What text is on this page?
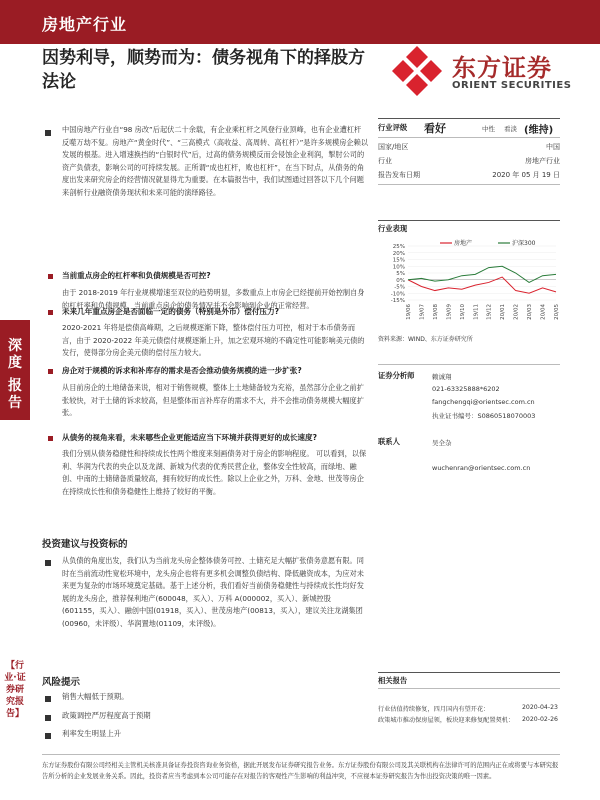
房地产行业
因势利导，顺势而为：债务视角下的择股方法论	东方证券
ORIENT SECURITIES
深
度
报
告
【行业·证券研究报告】
中国房地产行业自“98 房改”后起伏二十余载，有企业乘杠杆之风登行业顶峰，也有企业遭杠杆反噬万劫不复。房地产“黄金时代”、“三高模式（高收益、高周转、高杠杆）”是许多规模房企赖以发展的根基。进入增速换挡的“白银时代”后，过高的债务规模反而会侵蚀企业利润，掣肘公司的资产负债表，影响公司的可持续发展。正所谓“成也杠杆，败也杠杆”，在当下时点，从债务的角度出发来研究房企的经营情况就显得尤为重要。在本篇报告中，我们试图通过回答以下几个问题来剖析行业融资债务现状和未来可能的演绎路径。
当前重点房企的杠杆率和负债规模是否可控?
由于 2018-2019 年行业规模增速至双位的趋势明显，多数重点上市房企已经提前开始控制自身的杠杆率和负债规模，当前重点房企的债务情况并不会影响到企业的正常经营。
未来几年重点房企是否面临一定的债务（特别是外币）偿付压力?
2020-2021 年将是偿债高峰期，之后规模逐渐下降，整体偿付压力可控，相对于本币债务而言，由于 2020-2022 年美元债偿付规模逐渐上升，加之宏观环境的不确定性可能影响美元债的发行，使得部分房企美元债的偿付压力较大。
房企对于规模的诉求和补库存的需求是否会推动债务规模的进一步扩张?
从目前房企的土地储备来说，相对于销售规模，整体上土地储备较为充裕，虽然部分企业之前扩张较快，对于土储的诉求较高，但是整体而言补库存的需求不大，并不会推动债务规模大幅度扩张。
从债务的视角来看，未来哪些企业更能适应当下环境并获得更好的成长速度?
我们分别从债务稳健性和持续成长性两个维度来刻画债务对于房企的影响程度。 可以看到，以保利、华润为代表的央企以及龙湖、新城为代表的优秀民营企业，整体安全性较高，而绿地、融创、中南的土储储备质量较高，拥有较好的成长性。除以上企业之外，万科、金地、世茂等房企在持续成长性和债务稳健性上维持了较好的平衡。
投资建议与投资标的
从负债的角度出发，我们认为当前龙头房企整体债务可控、土储充足大幅扩张债务意愿有限。同时在当前流动性宽松环境中，龙头房企也将有更多机会调整负债结构、降低融资成本，为应对未来更为复杂的市场环境奠定基础。基于上述分析，我们看好当前债务稳健性与持续成长性均好发展的龙头房企，推荐保利地产(600048，买入）、万科 A(000002，买入）、新城控股(601155，买入）、融创中国(01918，买入）、世茂房地产(00813，买入），建议关注龙湖集团(00960，未评级）、华润置地(01109，未评级)。
风险提示
销售大幅低于预期。
政策调控严厉程度高于预期
利率发生明显上升
行业评级 看好	中性 看淡 (维持)
国家/地区	中国
行业	房地产行业
报告发布日期	2020 年 05 月 19 日
行业表现
25%
20%
15%
10%
5%
0%
-5%
-10%
-15%
19/06 19/07 19/08 19/09 19/10 19/11 19/12 20/01 20/02 20/03 20/04 20/05
房地产	沪深300
资料来源：WIND、东方证券研究所
证券分析师	赖诚翔
021-63325888*6202
fangchengqi@orientsec.com.cn
执业证书编号：S0860518070003
联系人	吴全杂
wuchenran@orientsec.com.cn
相关报告
行业估值持续修复，四月国内有望开花：	2020-04-23
政策城市推动保房屋领，板块迎来修复配置契机：	2020-02-26
东方证券股份有限公司经相关主管机关核准具备证券投资咨询业务资格，据此开展发布证券研究报告业务。东方证券股份有限公司及其关联机构在法律许可的范围内正在或将要与本研究报告所分析的企业发展业务关系。因此，投资者应当考虑到本公司可能存在对报告的客观性产生影响的利益冲突，不应视本证券研究报告为作出投资决策的唯一因素。
